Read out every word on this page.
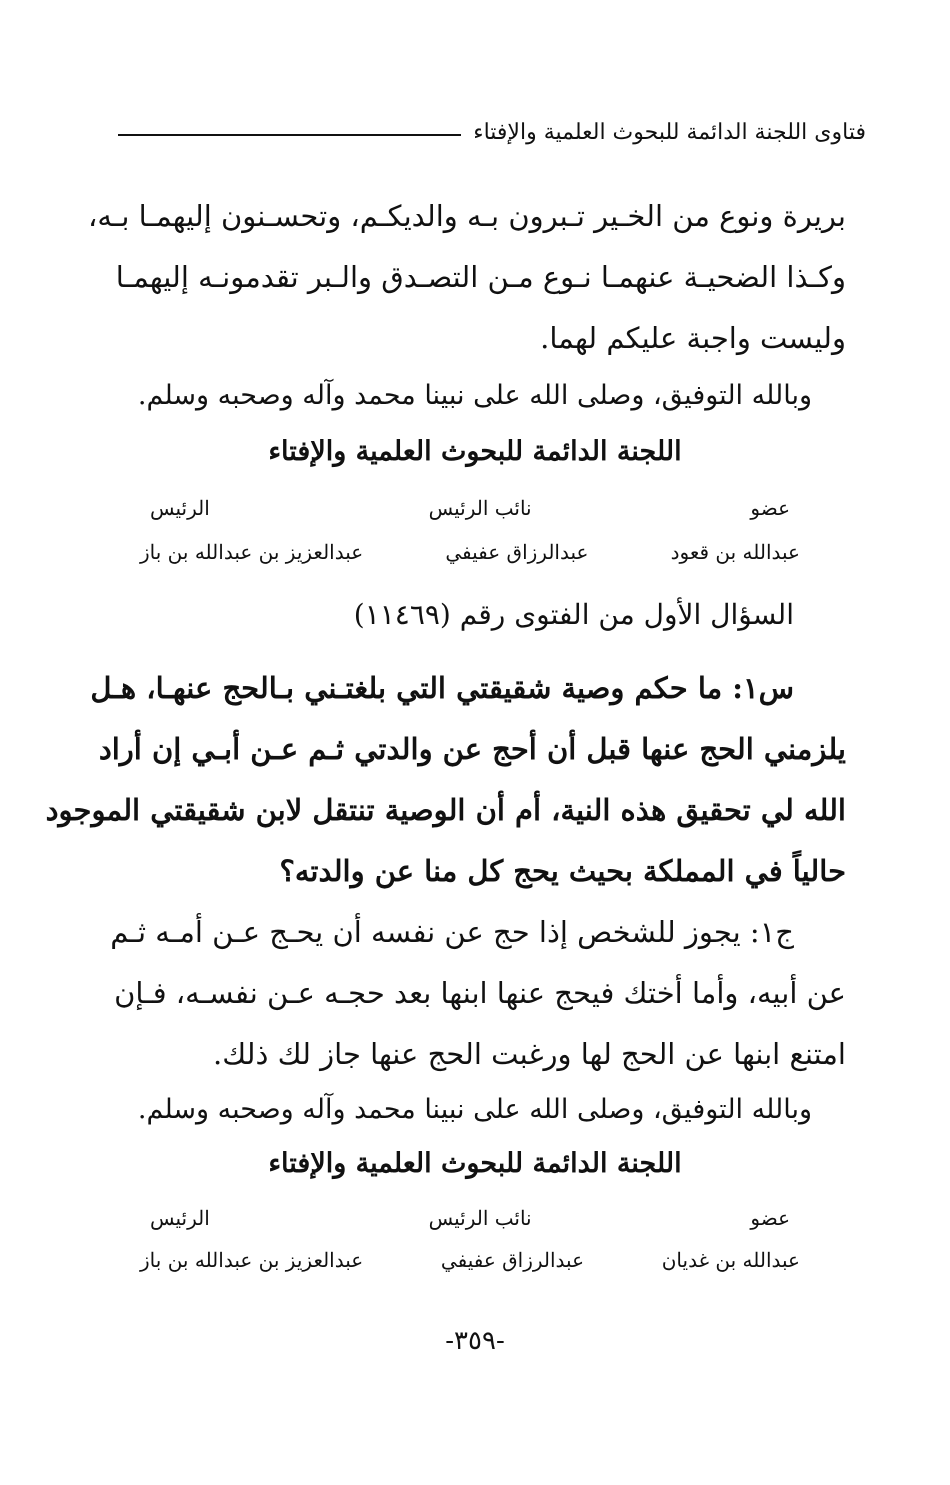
فتاوى اللجنة الدائمة للبحوث العلمية والإفتاء
بريرة ونوع من الخـير تـبرون بـه والديكـم، وتحسـنون إليهمـا بـه،
وكـذا الضحيـة عنهمـا نـوع مـن التصـدق والـبر تقدمونـه إليهمـا
وليست واجبة عليكم لهما.
وبالله التوفيق، وصلى الله على نبينا محمد وآله وصحبه وسلم.
اللجنة الدائمة للبحوث العلمية والإفتاء
عضو
نائب الرئيس
الرئيس
عبدالله بن قعود
عبدالرزاق عفيفي
عبدالعزيز بن عبدالله بن باز
السؤال الأول من الفتوى رقم (١١٤٦٩)
س١: ما حكم وصية شقيقتي التي بلغتـني بـالحج عنهـا، هـل
يلزمني الحج عنها قبل أن أحج عن والدتي ثـم عـن أبـي إن أراد
الله لي تحقيق هذه النية، أم أن الوصية تنتقل لابن شقيقتي الموجود
حالياً في المملكة بحيث يحج كل منا عن والدته؟
ج١: يجوز للشخص إذا حج عن نفسه أن يحـج عـن أمـه ثـم
عن أبيه، وأما أختك فيحج عنها ابنها بعد حجـه عـن نفسـه، فـإن
امتنع ابنها عن الحج لها ورغبت الحج عنها جاز لك ذلك.
وبالله التوفيق، وصلى الله على نبينا محمد وآله وصحبه وسلم.
اللجنة الدائمة للبحوث العلمية والإفتاء
عضو
نائب الرئيس
الرئيس
عبدالله بن غديان
عبدالرزاق عفيفي
عبدالعزيز بن عبدالله بن باز
-٣٥٩-
